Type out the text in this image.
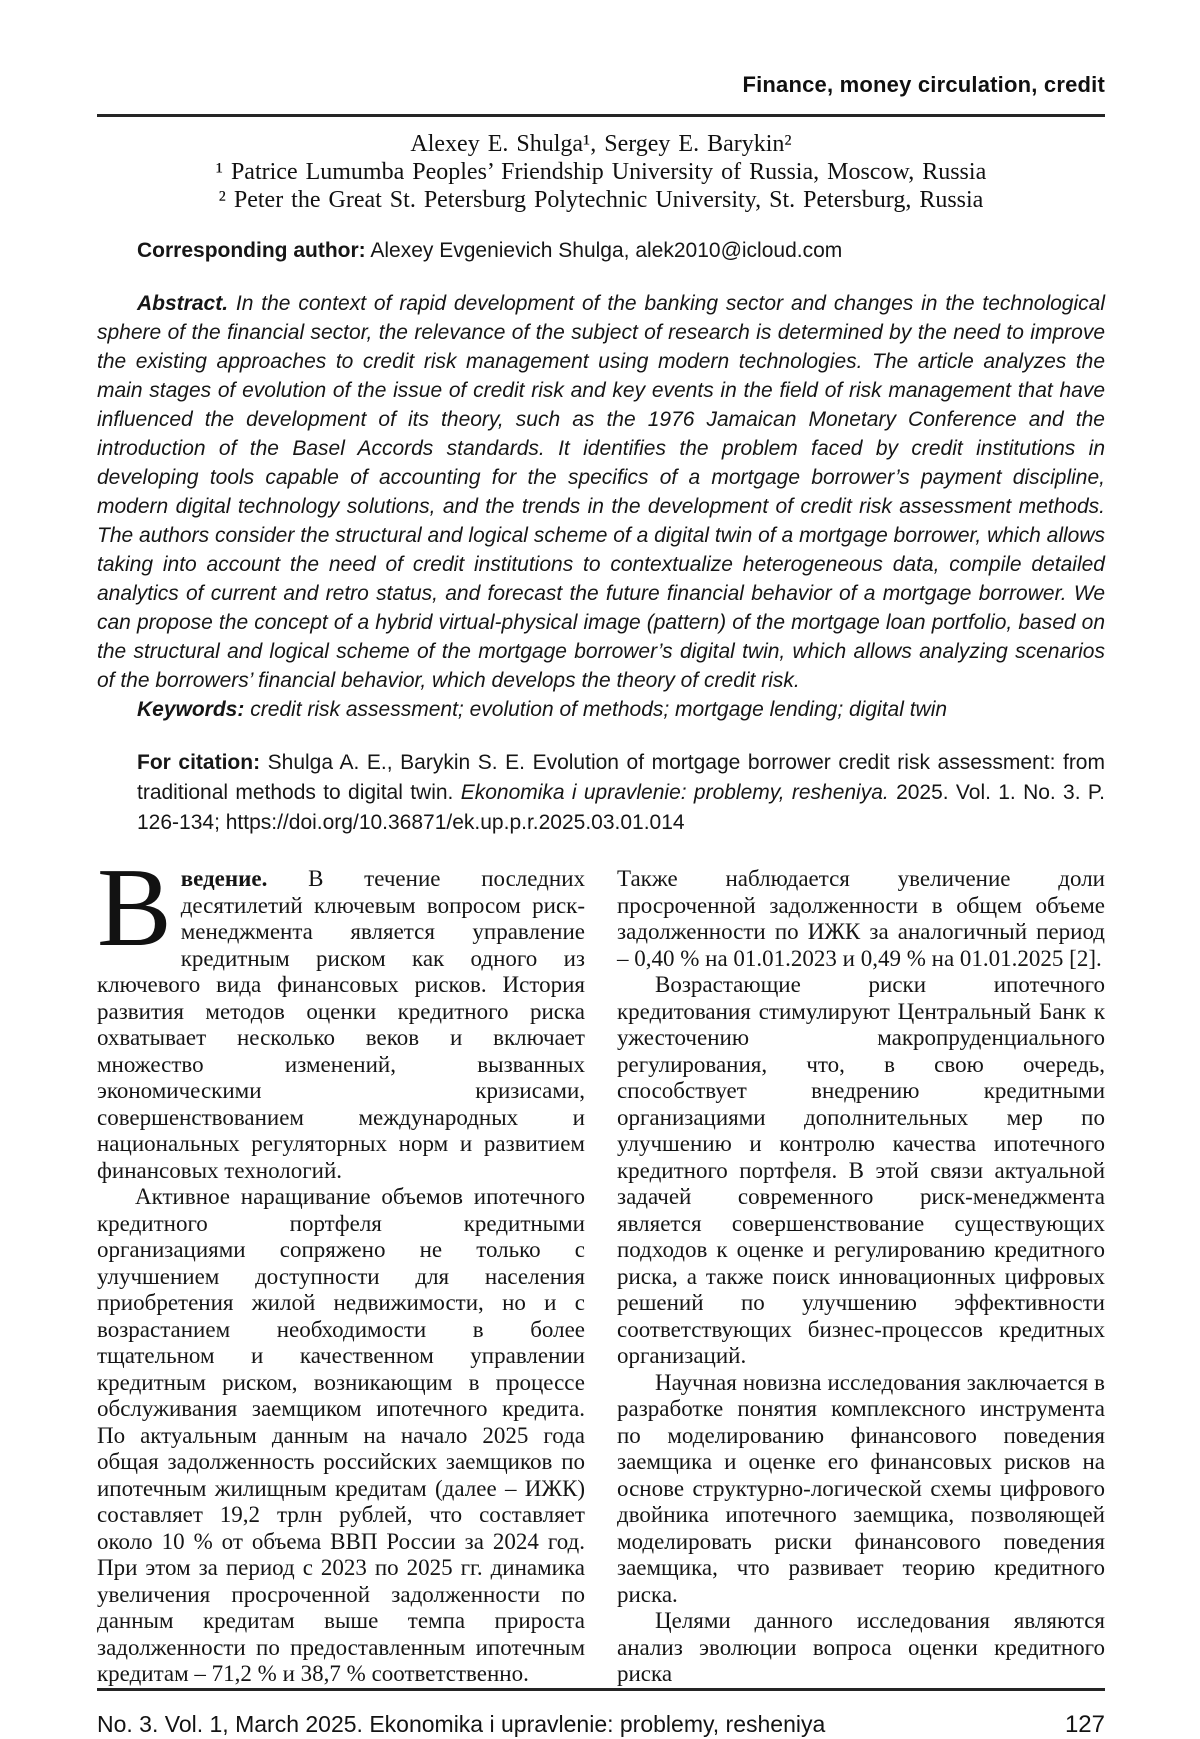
Finance, money circulation, credit
Alexey E. Shulga¹, Sergey E. Barykin²
¹ Patrice Lumumba Peoples’ Friendship University of Russia, Moscow, Russia
² Peter the Great St. Petersburg Polytechnic University, St. Petersburg, Russia

Corresponding author: Alexey Evgenievich Shulga, alek2010@icloud.com

Abstract. In the context of rapid development of the banking sector and changes in the technological sphere of the financial sector, the relevance of the subject of research is determined by the need to improve the existing approaches to credit risk management using modern technologies. The article analyzes the main stages of evolution of the issue of credit risk and key events in the field of risk management that have influenced the development of its theory, such as the 1976 Jamaican Monetary Conference and the introduction of the Basel Accords standards. It identifies the problem faced by credit institutions in developing tools capable of accounting for the specifics of a mortgage borrower’s payment discipline, modern digital technology solutions, and the trends in the development of credit risk assessment methods. The authors consider the structural and logical scheme of a digital twin of a mortgage borrower, which allows taking into account the need of credit institutions to contextualize heterogeneous data, compile detailed analytics of current and retro status, and forecast the future financial behavior of a mortgage borrower. We can propose the concept of a hybrid virtual-physical image (pattern) of the mortgage loan portfolio, based on the structural and logical scheme of the mortgage borrower’s digital twin, which allows analyzing scenarios of the borrowers’ financial behavior, which develops the theory of credit risk.

Keywords: credit risk assessment; evolution of methods; mortgage lending; digital twin

For citation: Shulga A. E., Barykin S. E. Evolution of mortgage borrower credit risk assessment: from traditional methods to digital twin. Ekonomika i upravlenie: problemy, resheniya. 2025. Vol. 1. No. 3. P. 126-134; https://doi.org/10.36871/ek.up.p.r.2025.03.01.014

Введение. В течение последних десятилетий ключевым вопросом риск-менеджмента является управление кредитным риском как одного из ключевого вида финансовых рисков. История развития методов оценки кредитного риска охватывает несколько веков и включает множество изменений, вызванных экономическими кризисами, совершенствованием международных и национальных регуляторных норм и развитием финансовых технологий.

Активное наращивание объемов ипотечного кредитного портфеля кредитными организациями сопряжено не только с улучшением доступности для населения приобретения жилой недвижимости, но и с возрастанием необходимости в более тщательном и качественном управлении кредитным риском, возникающим в процессе обслуживания заемщиком ипотечного кредита. По актуальным данным на начало 2025 года общая задолженность российских заемщиков по ипотечным жилищным кредитам (далее – ИЖК) составляет 19,2 трлн рублей, что составляет около 10 % от объема ВВП России за 2024 год. При этом за период с 2023 по 2025 гг. динамика увеличения просроченной задолженности по данным кредитам выше темпа прироста задолженности по предоставленным ипотечным кредитам – 71,2 % и 38,7 % соответственно.

Также наблюдается увеличение доли просроченной задолженности в общем объеме задолженности по ИЖК за аналогичный период – 0,40 % на 01.01.2023 и 0,49 % на 01.01.2025 [2].

Возрастающие риски ипотечного кредитования стимулируют Центральный Банк к ужесточению макропруденциального регулирования, что, в свою очередь, способствует внедрению кредитными организациями дополнительных мер по улучшению и контролю качества ипотечного кредитного портфеля. В этой связи актуальной задачей современного риск-менеджмента является совершенствование существующих подходов к оценке и регулированию кредитного риска, а также поиск инновационных цифровых решений по улучшению эффективности соответствующих бизнес-процессов кредитных организаций.

Научная новизна исследования заключается в разработке понятия комплексного инструмента по моделированию финансового поведения заемщика и оценке его финансовых рисков на основе структурно-логической схемы цифрового двойника ипотечного заемщика, позволяющей моделировать риски финансового поведения заемщика, что развивает теорию кредитного риска.

Целями данного исследования являются анализ эволюции вопроса оценки кредитного риска

No. 3. Vol. 1, March 2025. Ekonomika i upravlenie: problemy, resheniya	127
